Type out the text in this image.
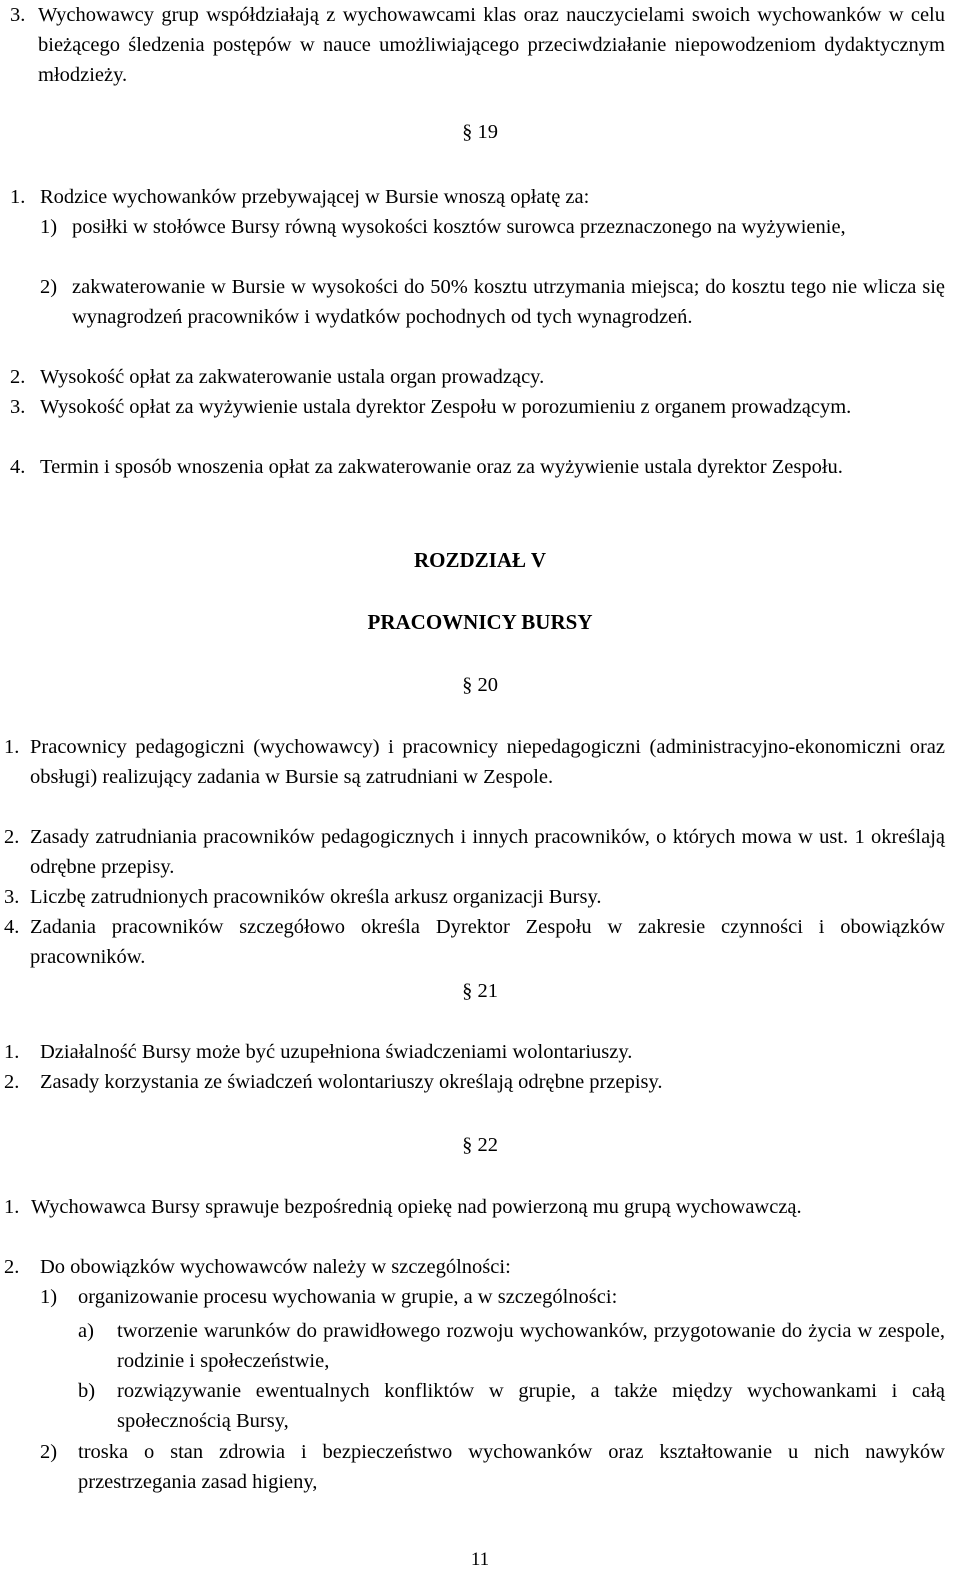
3. Wychowawcy grup współdziałają z wychowawcami klas oraz nauczycielami swoich wychowanków w celu bieżącego śledzenia postępów w nauce umożliwiającego przeciwdziałanie niepowodzeniom dydaktycznym młodzieży.
§ 19
1. Rodzice wychowanków przebywającej w Bursie wnoszą opłatę za:
1) posiłki w stołówce Bursy równą wysokości kosztów surowca przeznaczonego na wyżywienie,
2) zakwaterowanie w Bursie w wysokości do 50% kosztu utrzymania miejsca; do kosztu tego nie wlicza się wynagrodzeń pracowników i wydatków pochodnych od tych wynagrodzeń.
2. Wysokość opłat za zakwaterowanie ustala organ prowadzący.
3. Wysokość opłat za wyżywienie ustala dyrektor Zespołu w porozumieniu z organem prowadzącym.
4. Termin i sposób wnoszenia opłat za zakwaterowanie oraz za wyżywienie ustala dyrektor Zespołu.
ROZDZIAŁ V
PRACOWNICY BURSY
§ 20
1. Pracownicy pedagogiczni (wychowawcy) i pracownicy niepedagogiczni (administracyjno-ekonomiczni oraz obsługi) realizujący zadania w Bursie są zatrudniani w Zespole.
2. Zasady zatrudniania pracowników pedagogicznych i innych pracowników, o których mowa w ust. 1 określają odrębne przepisy.
3. Liczbę zatrudnionych pracowników określa arkusz organizacji Bursy.
4. Zadania pracowników szczegółowo określa Dyrektor Zespołu w zakresie czynności i obowiązków pracowników.
§ 21
1.	Działalność Bursy może być uzupełniona świadczeniami wolontariuszy.
2.	Zasady korzystania ze świadczeń wolontariuszy określają odrębne przepisy.
§ 22
1. Wychowawca Bursy sprawuje bezpośrednią opiekę nad powierzoną mu grupą wychowawczą.
2.	Do obowiązków wychowawców należy w szczególności:
1)	organizowanie procesu wychowania w grupie, a w szczególności:
a)	tworzenie warunków do prawidłowego rozwoju wychowanków, przygotowanie do życia w zespole, rodzinie i społeczeństwie,
b)	rozwiązywanie ewentualnych konfliktów w grupie, a także między wychowankami i całą społecznością Bursy,
2)	troska o stan zdrowia i bezpieczeństwo wychowanków oraz kształtowanie u nich nawyków przestrzegania zasad higieny,
11
